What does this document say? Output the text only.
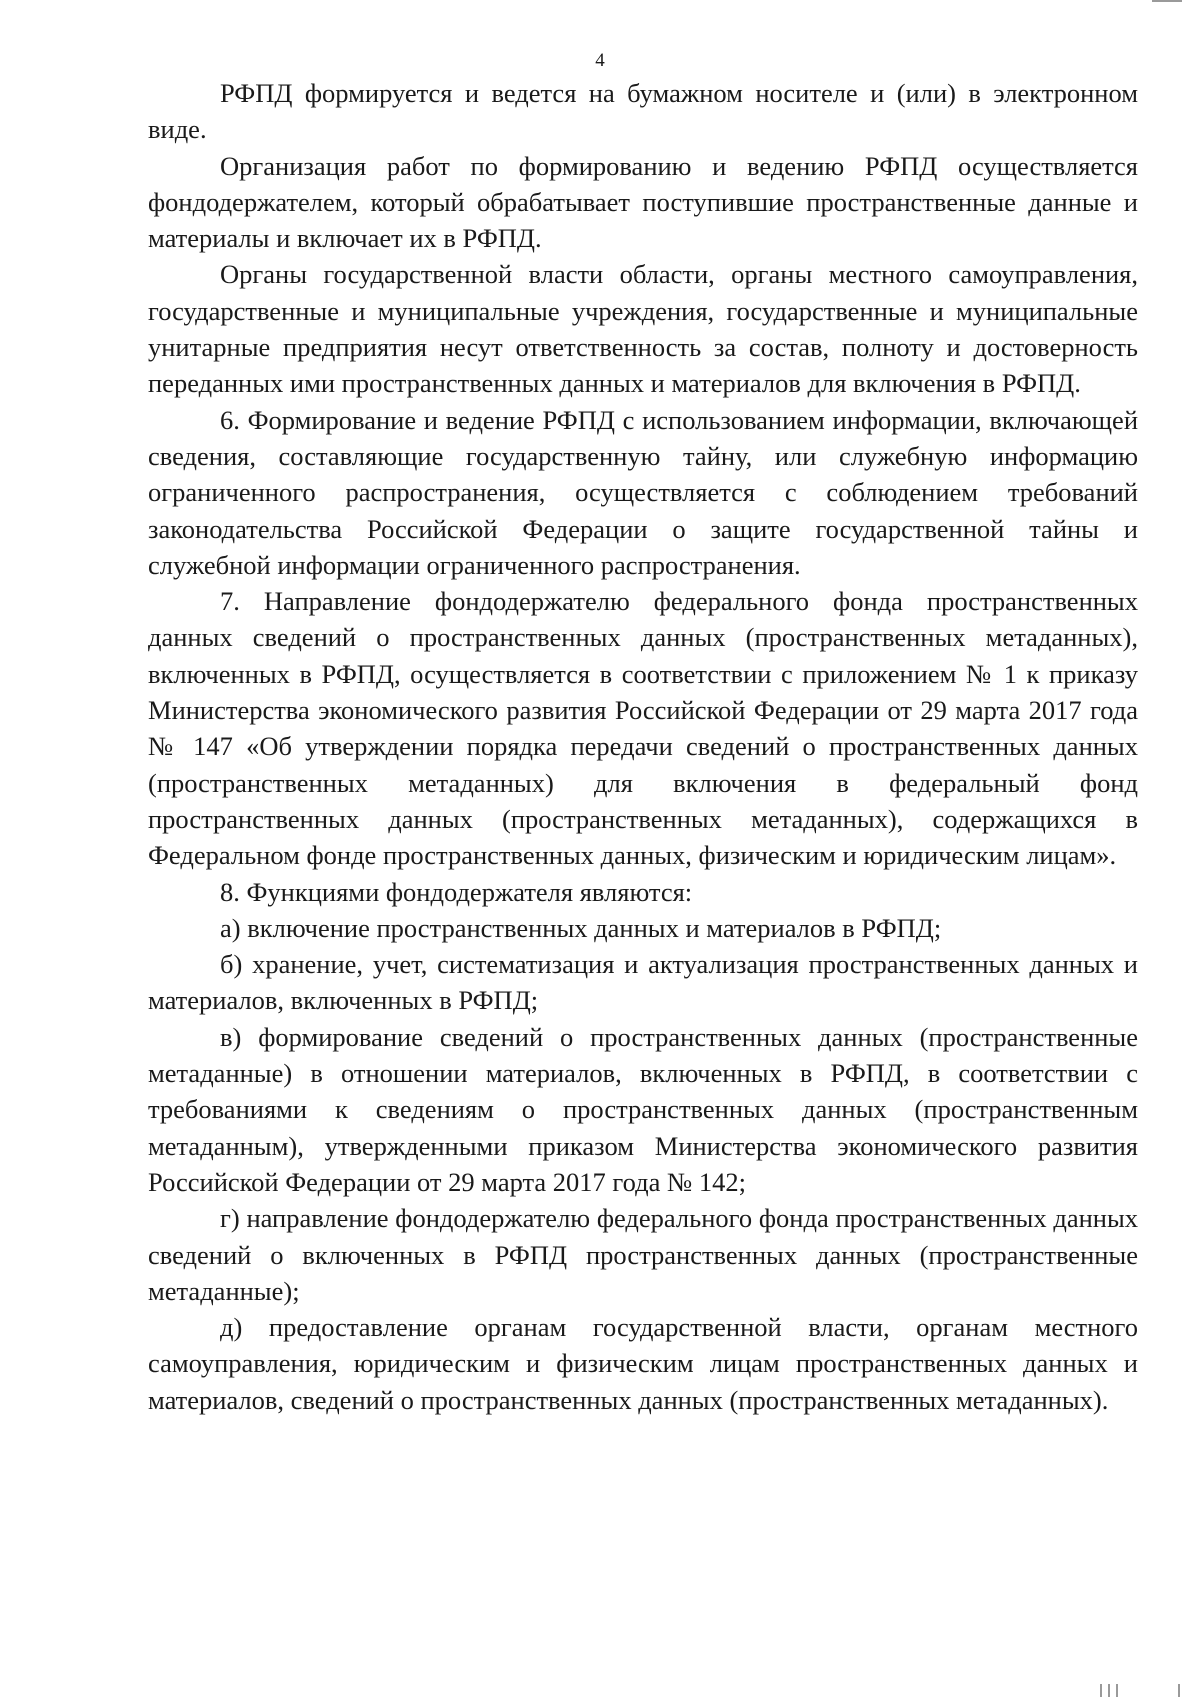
4

РФПД формируется и ведется на бумажном носителе и (или) в электронном виде.

Организация работ по формированию и ведению РФПД осуществляется фондодержателем, который обрабатывает поступившие пространственные данные и материалы и включает их в РФПД.

Органы государственной власти области, органы местного самоуправления, государственные и муниципальные учреждения, государственные и муниципальные унитарные предприятия несут ответственность за состав, полноту и достоверность переданных ими пространственных данных и материалов для включения в РФПД.

6. Формирование и ведение РФПД с использованием информации, включающей сведения, составляющие государственную тайну, или служебную информацию ограниченного распространения, осуществляется с соблюдением требований законодательства Российской Федерации о защите государственной тайны и служебной информации ограниченного распространения.

7. Направление фондодержателю федерального фонда пространственных данных сведений о пространственных данных (пространственных метаданных), включенных в РФПД, осуществляется в соответствии с приложением № 1 к приказу Министерства экономического развития Российской Федерации от 29 марта 2017 года № 147 «Об утверждении порядка передачи сведений о пространственных данных (пространственных метаданных) для включения в федеральный фонд пространственных данных (пространственных метаданных), содержащихся в Федеральном фонде пространственных данных, физическим и юридическим лицам».

8. Функциями фондодержателя являются:

а) включение пространственных данных и материалов в РФПД;

б) хранение, учет, систематизация и актуализация пространственных данных и материалов, включенных в РФПД;

в) формирование сведений о пространственных данных (пространственные метаданные) в отношении материалов, включенных в РФПД, в соответствии с требованиями к сведениям о пространственных данных (пространственным метаданным), утвержденными приказом Министерства экономического развития Российской Федерации от 29 марта 2017 года № 142;

г) направление фондодержателю федерального фонда пространственных данных сведений о включенных в РФПД пространственных данных (пространственные метаданные);

д) предоставление органам государственной власти, органам местного самоуправления, юридическим и физическим лицам пространственных данных и материалов, сведений о пространственных данных (пространственных метаданных).
